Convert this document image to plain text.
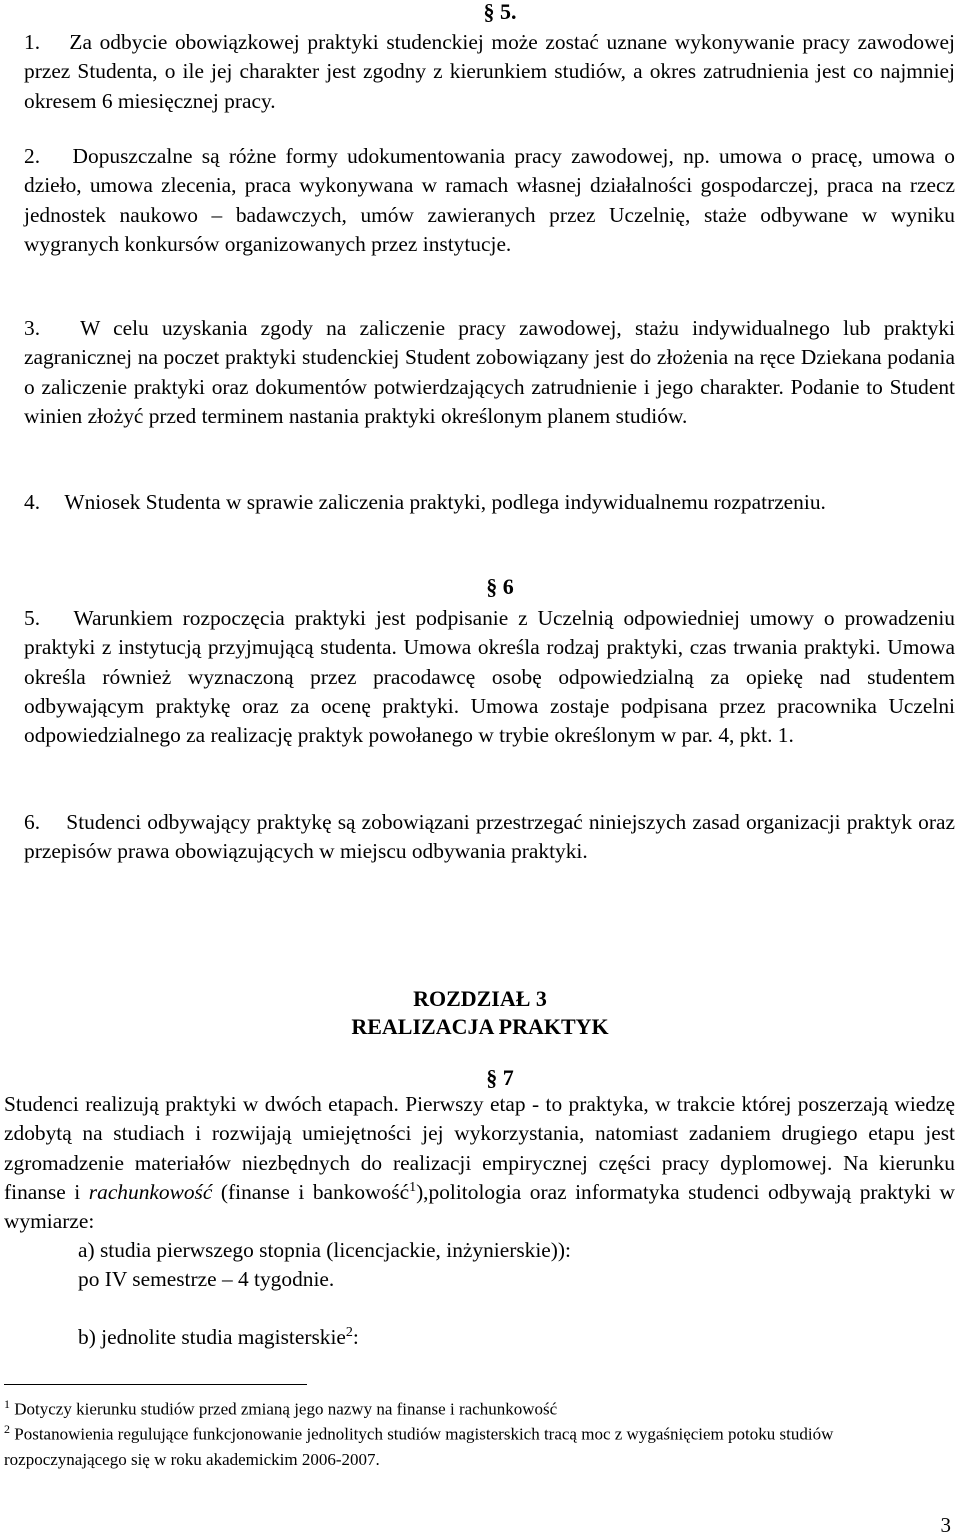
§ 5.

1. Za odbycie obowiązkowej praktyki studenckiej może zostać uznane wykonywanie pracy zawodowej przez Studenta, o ile jej charakter jest zgodny z kierunkiem studiów, a okres zatrudnienia jest co najmniej okresem 6 miesięcznej pracy.

2. Dopuszczalne są różne formy udokumentowania pracy zawodowej, np. umowa o pracę, umowa o dzieło, umowa zlecenia, praca wykonywana w ramach własnej działalności gospodarczej, praca na rzecz jednostek naukowo – badawczych, umów zawieranych przez Uczelnię, staże odbywane w wyniku wygranych konkursów organizowanych przez instytucje.

3. W celu uzyskania zgody na zaliczenie pracy zawodowej, stażu indywidualnego lub praktyki zagranicznej na poczet praktyki studenckiej Student zobowiązany jest do złożenia na ręce Dziekana podania o zaliczenie praktyki oraz dokumentów potwierdzających zatrudnienie i jego charakter. Podanie to Student winien złożyć przed terminem nastania praktyki określonym planem studiów.

4. Wniosek Studenta w sprawie zaliczenia praktyki, podlega indywidualnemu rozpatrzeniu.

§ 6

5. Warunkiem rozpoczęcia praktyki jest podpisanie z Uczelnią odpowiedniej umowy o prowadzeniu praktyki z instytucją przyjmującą studenta. Umowa określa rodzaj praktyki, czas trwania praktyki. Umowa określa również wyznaczoną przez pracodawcę osobę odpowiedzialną za opiekę nad studentem odbywającym praktykę oraz za ocenę praktyki. Umowa zostaje podpisana przez pracownika Uczelni odpowiedzialnego za realizację praktyk powołanego w trybie określonym w par. 4, pkt. 1.

6. Studenci odbywający praktykę są zobowiązani przestrzegać niniejszych zasad organizacji praktyk oraz przepisów prawa obowiązujących w miejscu odbywania praktyki.

ROZDZIAŁ 3
REALIZACJA PRAKTYK
§ 7

Studenci realizują praktyki w dwóch etapach. Pierwszy etap - to praktyka, w trakcie której poszerzają wiedzę zdobytą na studiach i rozwijają umiejętności jej wykorzystania, natomiast zadaniem drugiego etapu jest zgromadzenie materiałów niezbędnych do realizacji empirycznej części pracy dyplomowej. Na kierunku finanse i rachunkowość (finanse i bankowość$^1$),politologia oraz informatyka studenci odbywają praktyki w wymiarze:

a) studia pierwszego stopnia (licencjackie, inżynierskie)):
po IV semestrze – 4 tygodnie.
b) jednolite studia magisterskie$^2$:
$^1$ Dotyczy kierunku studiów przed zmianą jego nazwy na finanse i rachunkowość
$^2$ Postanowienia regulujące funkcjonowanie jednolitych studiów magisterskich tracą moc z wygaśnięciem potoku studiów rozpoczynającego się w roku akademickim 2006-2007.
3
